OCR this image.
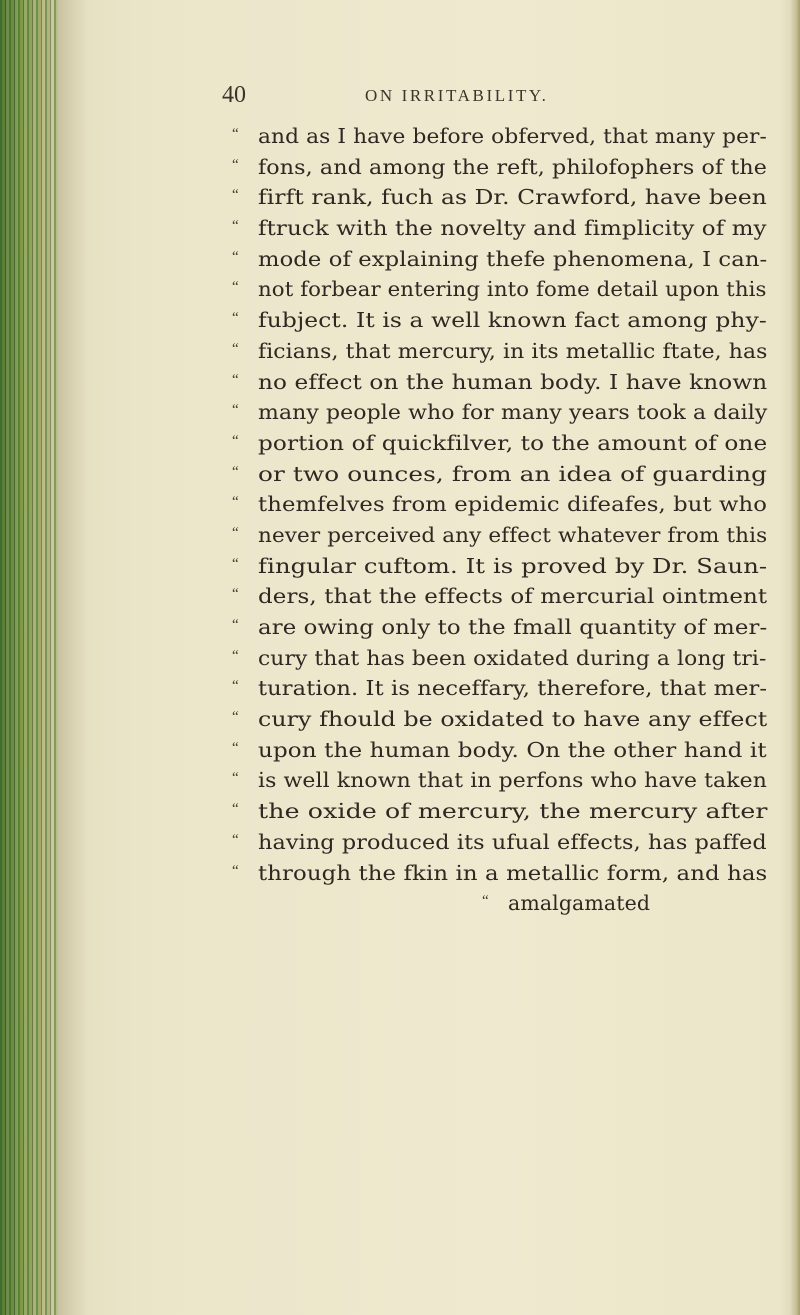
40	ON IRRITABILITY.
“ and as I have before obferved, that many per-
“ fons, and among the reft, philofophers of the
“ firft rank, fuch as Dr. Crawford, have been
“ ftruck with the novelty and fimplicity of my
“ mode of explaining thefe phenomena, I can-
“ not forbear entering into fome detail upon this
“ fubject. It is a well known fact among phy-
“ ficians, that mercury, in its metallic ftate, has
“ no effect on the human body. I have known
“ many people who for many years took a daily
“ portion of quickfilver, to the amount of one
“ or two ounces, from an idea of guarding
“ themfelves from epidemic difeafes, but who
“ never perceived any effect whatever from this
“ fingular cuftom. It is proved by Dr. Saun-
“ ders, that the effects of mercurial ointment
“ are owing only to the fmall quantity of mer-
“ cury that has been oxidated during a long tri-
“ turation. It is neceffary, therefore, that mer-
“ cury fhould be oxidated to have any effect
“ upon the human body. On the other hand it
“ is well known that in perfons who have taken
“ the oxide of mercury, the mercury after
“ having produced its ufual effects, has paffed
“ through the fkin in a metallic form, and has
“ amalgamated
